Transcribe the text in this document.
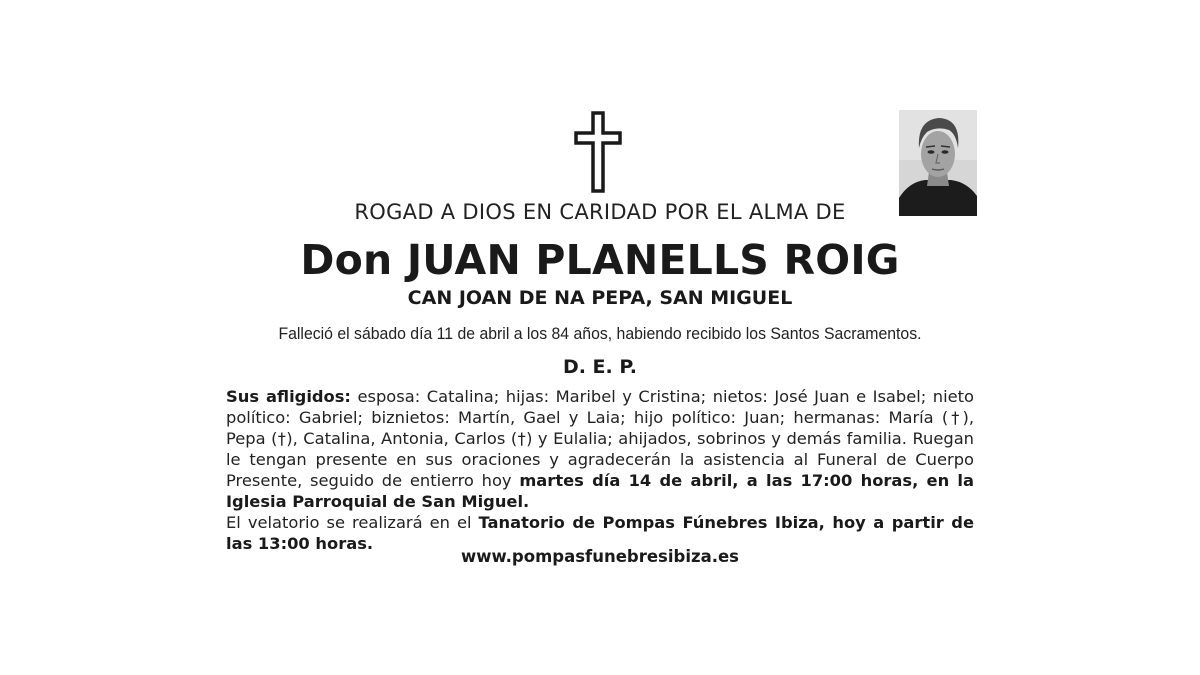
ROGAD A DIOS EN CARIDAD POR EL ALMA DE
Don JUAN PLANELLS ROIG
CAN JOAN DE NA PEPA, SAN MIGUEL
Falleció el sábado día 11 de abril a los 84 años, habiendo recibido los Santos Sacramentos.
D. E. P.

Sus afligidos: esposa: Catalina; hijas: Maribel y Cristina; nietos: José Juan e Isabel; nieto político: Gabriel; biznietos: Martín, Gael y Laia; hijo político: Juan; hermanas: María (†), Pepa (†), Catalina, Antonia, Carlos (†) y Eulalia; ahijados, sobrinos y demás familia. Ruegan le tengan presente en sus oraciones y agradecerán la asistencia al Funeral de Cuerpo Presente, seguido de entierro hoy martes día 14 de abril, a las 17:00 horas, en la Iglesia Parroquial de San Miguel.

El velatorio se realizará en el Tanatorio de Pompas Fúnebres Ibiza, hoy a partir de las 13:00 horas.

www.pompasfunebresibiza.es
